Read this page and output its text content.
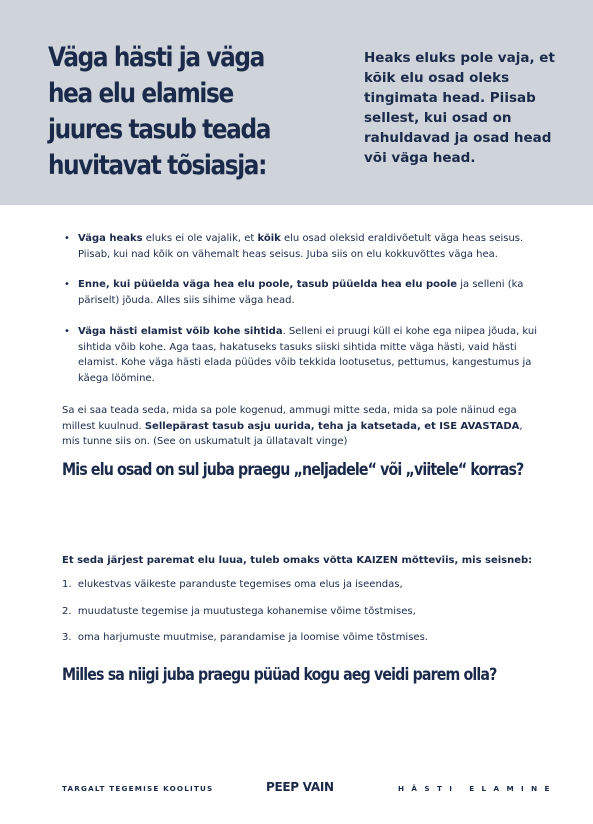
Väga hästi ja väga hea elu elamise juures tasub teada huvitavat tõsiasja:

Heaks eluks pole vaja, et kõik elu osad oleks tingimata head. Piisab sellest, kui osad on rahuldavad ja osad head või väga head.

• Väga heaks eluks ei ole vajalik, et kõik elu osad oleksid eraldivõetult väga heas seisus. Piisab, kui nad kõik on vähemalt heas seisus. Juba siis on elu kokkuvõttes väga hea.
• Enne, kui püüelda väga hea elu poole, tasub püüelda hea elu poole ja selleni (ka päriselt) jõuda. Alles siis sihime väga head.
• Väga hästi elamist võib kohe sihtida. Selleni ei pruugi küll ei kohe ega niipea jõuda, kui sihtida võib kohe. Aga taas, hakatuseks tasuks siiski sihtida mitte väga hästi, vaid hästi elamist. Kohe väga hästi elada püüdes võib tekkida lootusetus, pettumus, kangestumus ja käega löömine.

Sa ei saa teada seda, mida sa pole kogenud, ammugi mitte seda, mida sa pole näinud ega millest kuulnud. Sellepärast tasub asju uurida, teha ja katsetada, et ISE AVASTADA, mis tunne siis on. (See on uskumatult ja üllatavalt vinge)

Mis elu osad on sul juba praegu „neljadele“ või „viitele“ korras?

Et seda järjest paremat elu luua, tuleb omaks võtta KAIZEN mõtteviis, mis seisneb:

1. elukestvas väikeste paranduste tegemises oma elus ja iseendas,

2. muudatuste tegemise ja muutustega kohanemise võime tõstmises,

3. oma harjumuste muutmise, parandamise ja loomise võime tõstmises.

Milles sa niigi juba praegu püüad kogu aeg veidi parem olla?
TARGALT TEGEMISE KOOLITUS	PEEP VAIN	HÄSTI ELAMINE
